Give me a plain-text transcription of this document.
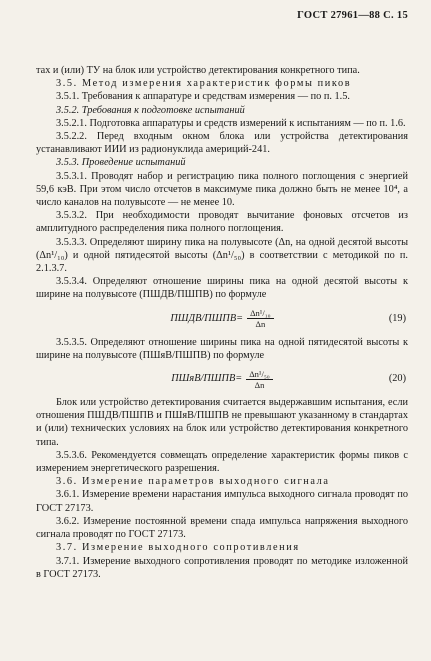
ГОСТ 27961—88 С. 15

тах и (или) ТУ на блок или устройство детектирования конкретного типа.

3.5. Метод измерения характеристик формы пиков

3.5.1. Требования к аппаратуре и средствам измерения — по п. 1.5.

3.5.2. Требования к подготовке испытаний

3.5.2.1. Подготовка аппаратуры и средств измерений к испытаниям — по п. 1.6.

3.5.2.2. Перед входным окном блока или устройства детектирования устанавливают ИИИ из радионуклида америций-241.

3.5.3. Проведение испытаний

3.5.3.1. Проводят набор и регистрацию пика полного поглощения с энергией 59,6 кэВ. При этом число отсчетов в максимуме пика должно быть не менее 10⁴, а число каналов на полувысоте — не менее 10.

3.5.3.2. При необходимости проводят вычитание фоновых отсчетов из амплитудного распределения пика полного поглощения.

3.5.3.3. Определяют ширину пика на полувысоте (Δn, на одной десятой высоты (Δn¹/₁₀) и одной пятидесятой высоты (Δn¹/₅₀) в соответствии с методикой по п. 2.1.3.7.

3.5.3.4. Определяют отношение ширины пика на одной десятой высоты к ширине на полувысоте (ПШДВ/ПШПВ) по формуле

ПШДВ/ПШПВ= $\frac{\text{Δn¹/₁₀}}{\Delta n}$	(19)

3.5.3.5. Определяют отношение ширины пика на одной пятидесятой высоты к ширине на полувысоте (ПШяВ/ПШПВ) по формуле

ПШяВ/ПШПВ= $\frac{\text{Δn¹/₅₀}}{\Delta n}$	(20)

Блок или устройство детектирования считается выдержавшим испытания, если отношения ПШДВ/ПШПВ и ПШяВ/ПШПВ не превышают указанному в стандартах и (или) технических условиях на блок или устройство детектирования конкретного типа.

3.5.3.6. Рекомендуется совмещать определение характеристик формы пиков с измерением энергетического разрешения.

3.6. Измерение параметров выходного сигнала

3.6.1. Измерение времени нарастания импульса выходного сигнала проводят по ГОСТ 27173.

3.6.2. Измерение постоянной времени спада импульса напряжения выходного сигнала проводят по ГОСТ 27173.

3.7. Измерение выходного сопротивления

3.7.1. Измерение выходного сопротивления проводят по методике изложенной в ГОСТ 27173.
